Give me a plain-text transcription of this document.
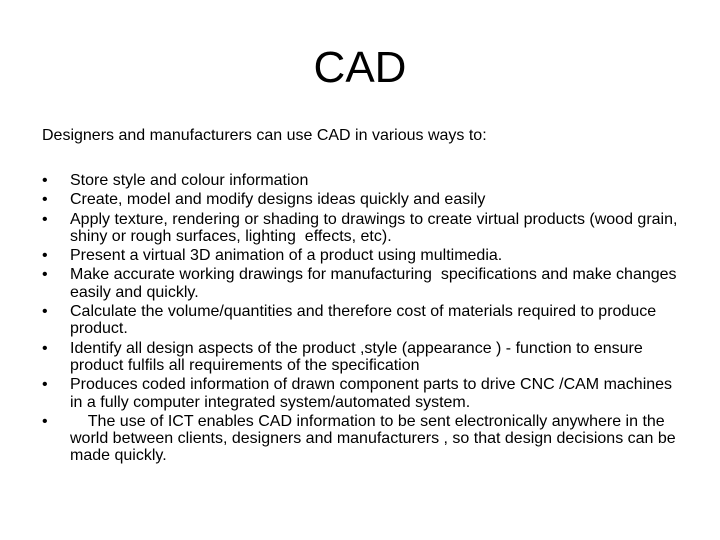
CAD

Designers and manufacturers can use CAD in various ways to:

•	Store style and colour information
•	Create, model and modify designs ideas quickly and easily
•	Apply texture, rendering or shading to drawings to create virtual products (wood grain, shiny or rough surfaces, lighting  effects, etc).
•	Present a virtual 3D animation of a product using multimedia.
•	Make accurate working drawings for manufacturing  specifications and make changes easily and quickly.
•	Calculate the volume/quantities and therefore cost of materials required to produce product.
•	Identify all design aspects of the product ,style (appearance ) - function to ensure product fulfils all requirements of the specification
•	Produces coded information of drawn component parts to drive CNC /CAM machines in a fully computer integrated system/automated system.
•	The use of ICT enables CAD information to be sent electronically anywhere in the world between clients, designers and manufacturers , so that design decisions can be made quickly.
